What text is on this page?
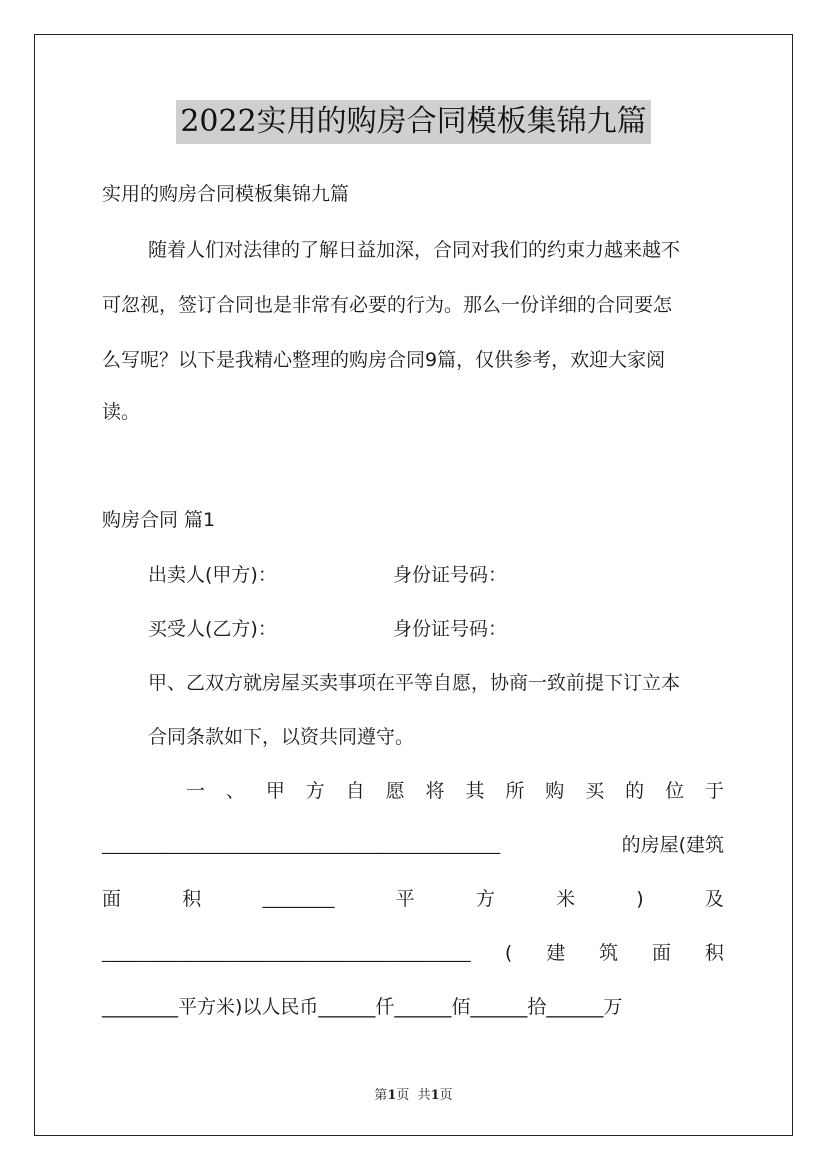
2022实用的购房合同模板集锦九篇
实用的购房合同模板集锦九篇
随着人们对法律的了解日益加深，合同对我们的约束力越来越不
可忽视，签订合同也是非常有必要的行为。那么一份详细的合同要怎
么写呢？以下是我精心整理的购房合同9篇，仅供参考，欢迎大家阅
读。
购房合同 篇1
出卖人(甲方)：	身份证号码：
买受人(乙方)：	身份证号码：
甲、乙双方就房屋买卖事项在平等自愿，协商一致前提下订立本
合同条款如下，以资共同遵守。
一 、 甲 方 自 愿 将 其 所 购 买 的 位 于
________________________________________________	的房屋(建筑
面	积	_________	平	方	米	)	及
_____________________________________________ ( 建 筑 面 积
________平方米)以人民币______仟______佰______拾______万
第1页  共1页
